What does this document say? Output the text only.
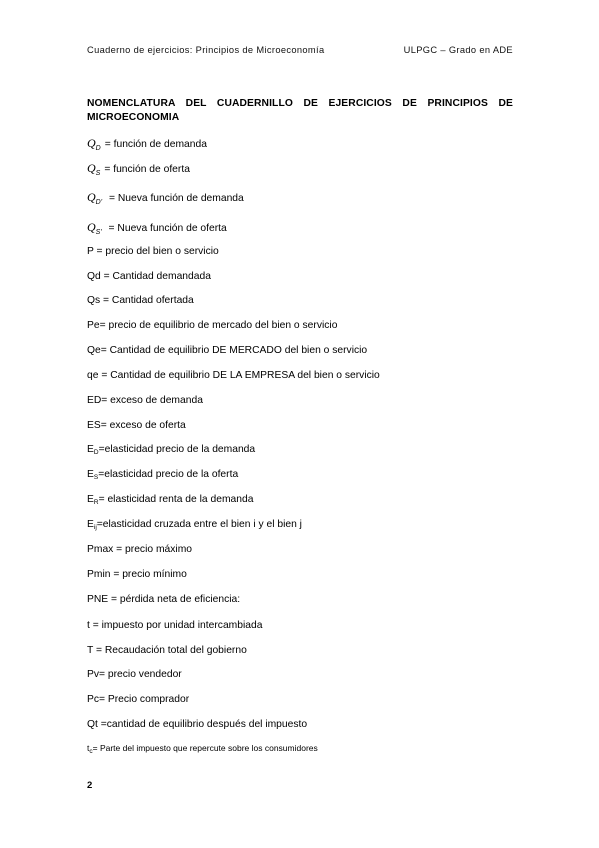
Cuaderno de ejercicios: Principios de Microeconomía	ULPGC – Grado en ADE
NOMENCLATURA DEL CUADERNILLO DE EJERCICIOS DE PRINCIPIOS DE MICROECONOMIA
$Q_D$ = función de demanda
$Q_S$ = función de oferta
$Q_{D'}$ = Nueva función de demanda
$Q_{S'}$ = Nueva función de oferta
P = precio del bien o servicio
Qd = Cantidad demandada
Qs = Cantidad ofertada
Pe= precio de equilibrio de mercado del bien o servicio
Qe= Cantidad de equilibrio DE MERCADO del bien o servicio
qe = Cantidad de equilibrio DE LA EMPRESA del bien o servicio
ED= exceso de demanda
ES= exceso de oferta
ED=elasticidad precio de la demanda
ES=elasticidad precio de la oferta
ER= elasticidad renta de la demanda
Eij=elasticidad cruzada entre el bien i y el bien j
Pmax = precio máximo
Pmin = precio mínimo
PNE = pérdida neta de eficiencia:
t = impuesto por unidad intercambiada
T = Recaudación total del gobierno
Pv= precio vendedor
Pc= Precio comprador
Qt =cantidad de equilibrio después del impuesto
$t_c=$ Parte del impuesto que repercute sobre los consumidores
2
